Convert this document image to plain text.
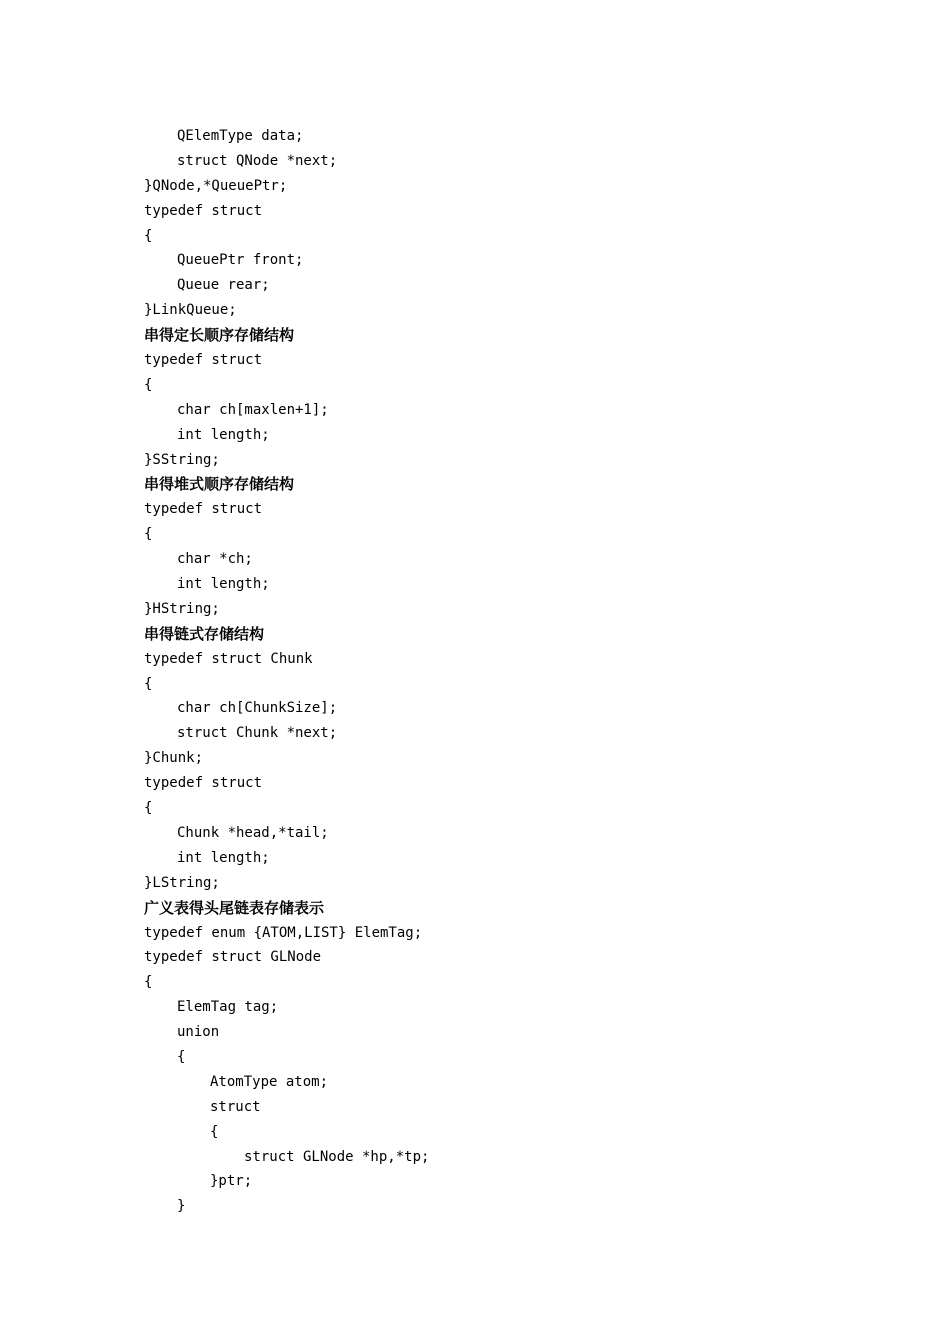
QElemType data;
struct QNode *next;
}QNode,*QueuePtr;
typedef struct
{
QueuePtr front;
Queue rear;
}LinkQueue;
串得定长顺序存储结构
typedef struct
{
char ch[maxlen+1];
int length;
}SString;
串得堆式顺序存储结构
typedef struct
{
char *ch;
int length;
}HString;
串得链式存储结构
typedef struct Chunk
{
char ch[ChunkSize];
struct Chunk *next;
}Chunk;
typedef struct
{
Chunk *head,*tail;
int length;
}LString;
广义表得头尾链表存储表示
typedef enum {ATOM,LIST} ElemTag;
typedef struct GLNode
{
ElemTag tag;
union
{
AtomType atom;
struct
{
struct GLNode *hp,*tp;
}ptr;
}
